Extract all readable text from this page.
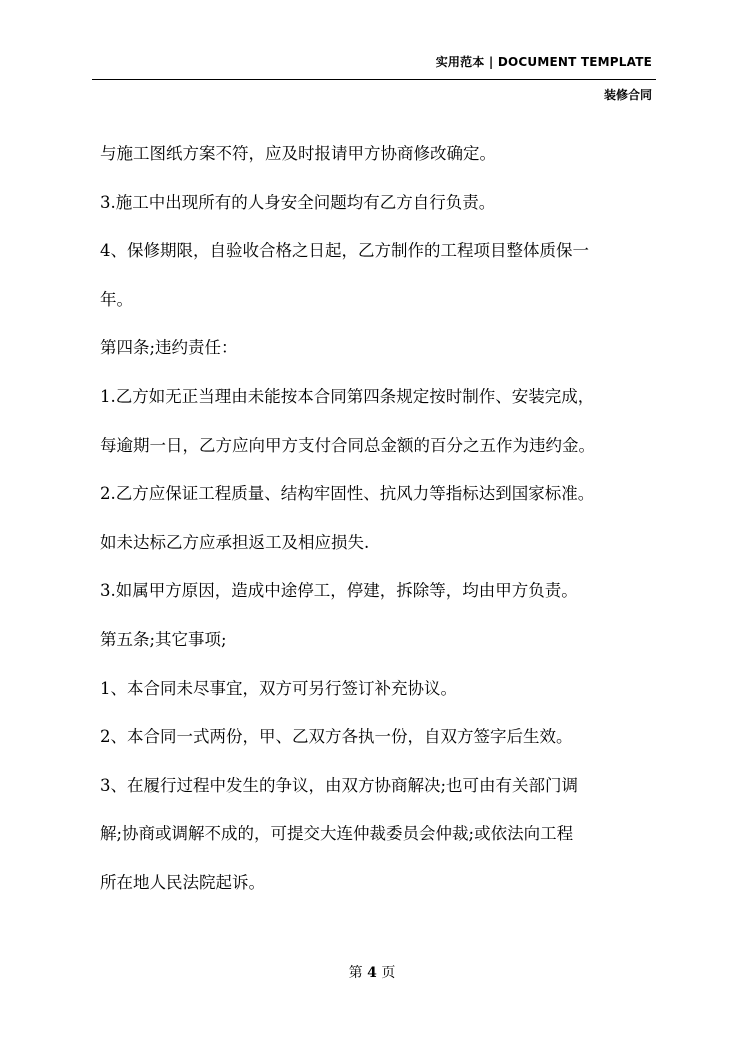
实用范本 | DOCUMENT TEMPLATE
装修合同

与施工图纸方案不符，应及时报请甲方协商修改确定。

3.施工中出现所有的人身安全问题均有乙方自行负责。

4、保修期限，自验收合格之日起，乙方制作的工程项目整体质保一

年。

第四条;违约责任：

1.乙方如无正当理由未能按本合同第四条规定按时制作、安装完成，

每逾期一日，乙方应向甲方支付合同总金额的百分之五作为违约金。

2.乙方应保证工程质量、结构牢固性、抗风力等指标达到国家标准。

如未达标乙方应承担返工及相应损失.

3.如属甲方原因，造成中途停工，停建，拆除等，均由甲方负责。

第五条;其它事项;

1、本合同未尽事宜，双方可另行签订补充协议。

2、本合同一式两份，甲、乙双方各执一份，自双方签字后生效。

3、在履行过程中发生的争议，由双方协商解决;也可由有关部门调

解;协商或调解不成的，可提交大连仲裁委员会仲裁;或依法向工程

所在地人民法院起诉。

第 4 页
